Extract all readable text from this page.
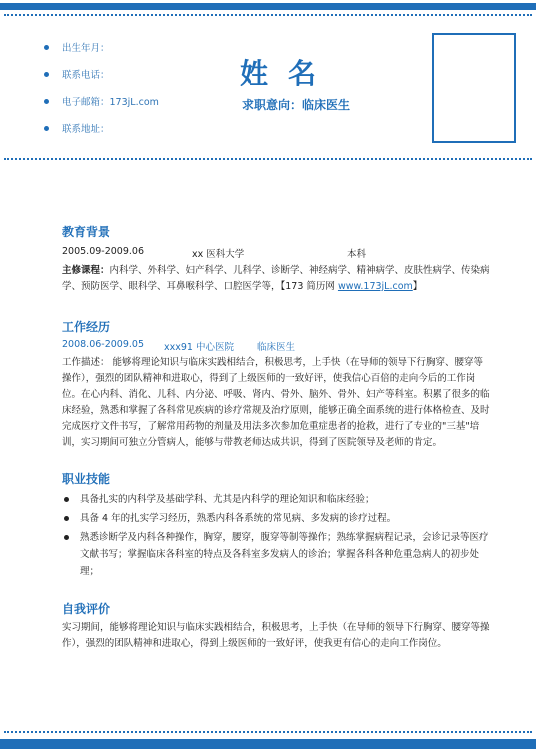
出生年月：
联系电话：
电子邮箱：173jL.com
联系地址：
姓名
求职意向：临床医生
教育背景
2005.09-2009.06	xx 医科大学	本科
主修课程：内科学、外科学、妇产科学、儿科学、诊断学、神经病学、精神病学、皮肤性病学、传染病学、预防医学、眼科学、耳鼻喉科学、口腔医学等，【173 简历网 www.173jL.com】
工作经历
2008.06-2009.05 xxx91 中心医院 临床医生
工作描述： 能够将理论知识与临床实践相结合，积极思考，上手快（在导师的领导下行胸穿、腰穿等操作），强烈的团队精神和进取心，得到了上级医师的一致好评，使我信心百倍的走向今后的工作岗位。在心内科、消化、儿科、内分泌、呼吸、肾内、骨外、脑外、骨外、妇产等科室。积累了很多的临床经验，熟悉和掌握了各科常见疾病的诊疗常规及治疗原则，能够正确全面系统的进行体格检查、及时完成医疗文件书写，了解常用药物的剂量及用法多次参加危重症患者的抢救，进行了专业的"三基"培训，实习期间可独立分管病人，能够与带教老师达成共识，得到了医院领导及老师的肯定。
职业技能
具备扎实的内科学及基础学科、尤其是内科学的理论知识和临床经验；
具备 4 年的扎实学习经历，熟悉内科各系统的常见病、多发病的诊疗过程。
熟悉诊断学及内科各种操作，胸穿，腰穿，腹穿等制等操作；熟练掌握病程记录，会诊记录等医疗文献书写；掌握临床各科室的特点及各科室多发病人的诊治；掌握各科各种危重急病人的初步处理；
自我评价
实习期间，能够将理论知识与临床实践相结合，积极思考，上手快（在导师的领导下行胸穿、腰穿等操作），强烈的团队精神和进取心，得到上级医师的一致好评，使我更有信心的走向工作岗位。
